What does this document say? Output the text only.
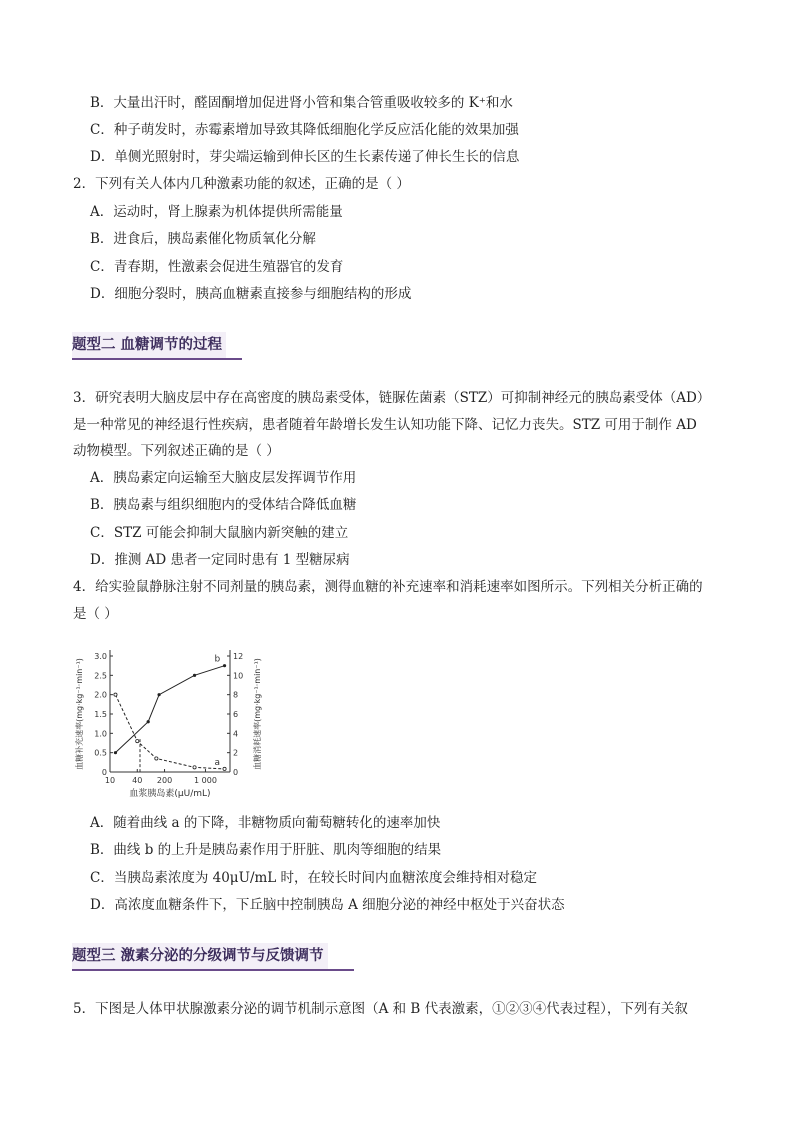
B．大量出汗时，醛固酮增加促进肾小管和集合管重吸收较多的 K⁺和水
C．种子萌发时，赤霉素增加导致其降低细胞化学反应活化能的效果加强
D．单侧光照射时，芽尖端运输到伸长区的生长素传递了伸长生长的信息
2．下列有关人体内几种激素功能的叙述，正确的是（ ）
A．运动时，肾上腺素为机体提供所需能量
B．进食后，胰岛素催化物质氧化分解
C．青春期，性激素会促进生殖器官的发育
D．细胞分裂时，胰高血糖素直接参与细胞结构的形成
题型二 血糖调节的过程
3．研究表明大脑皮层中存在高密度的胰岛素受体，链脲佐菌素（STZ）可抑制神经元的胰岛素受体（AD）
是一种常见的神经退行性疾病，患者随着年龄增长发生认知功能下降、记忆力丧失。STZ 可用于制作 AD
动物模型。下列叙述正确的是（ ）
A．胰岛素定向运输至大脑皮层发挥调节作用
B．胰岛素与组织细胞内的受体结合降低血糖
C．STZ 可能会抑制大鼠脑内新突触的建立
D．推测 AD 患者一定同时患有 1 型糖尿病
4．给实验鼠静脉注射不同剂量的胰岛素，测得血糖的补充速率和消耗速率如图所示。下列相关分析正确的
是（ ）
0
0.5
1.0
1.5
2.0
2.5
3.0
0
2
4
6
8
10
12
10 40 200	1 000
a
b
血浆胰岛素(μU/mL)
血糖补充速率(mg·kg⁻¹·min⁻¹)	血糖消耗速率(mg·kg⁻¹·min⁻¹)
A．随着曲线 a 的下降，非糖物质向葡萄糖转化的速率加快
B．曲线 b 的上升是胰岛素作用于肝脏、肌肉等细胞的结果
C．当胰岛素浓度为 40μU/mL 时，在较长时间内血糖浓度会维持相对稳定
D．高浓度血糖条件下，下丘脑中控制胰岛 A 细胞分泌的神经中枢处于兴奋状态
题型三 激素分泌的分级调节与反馈调节
5．下图是人体甲状腺激素分泌的调节机制示意图（A 和 B 代表激素，①②③④代表过程），下列有关叙
